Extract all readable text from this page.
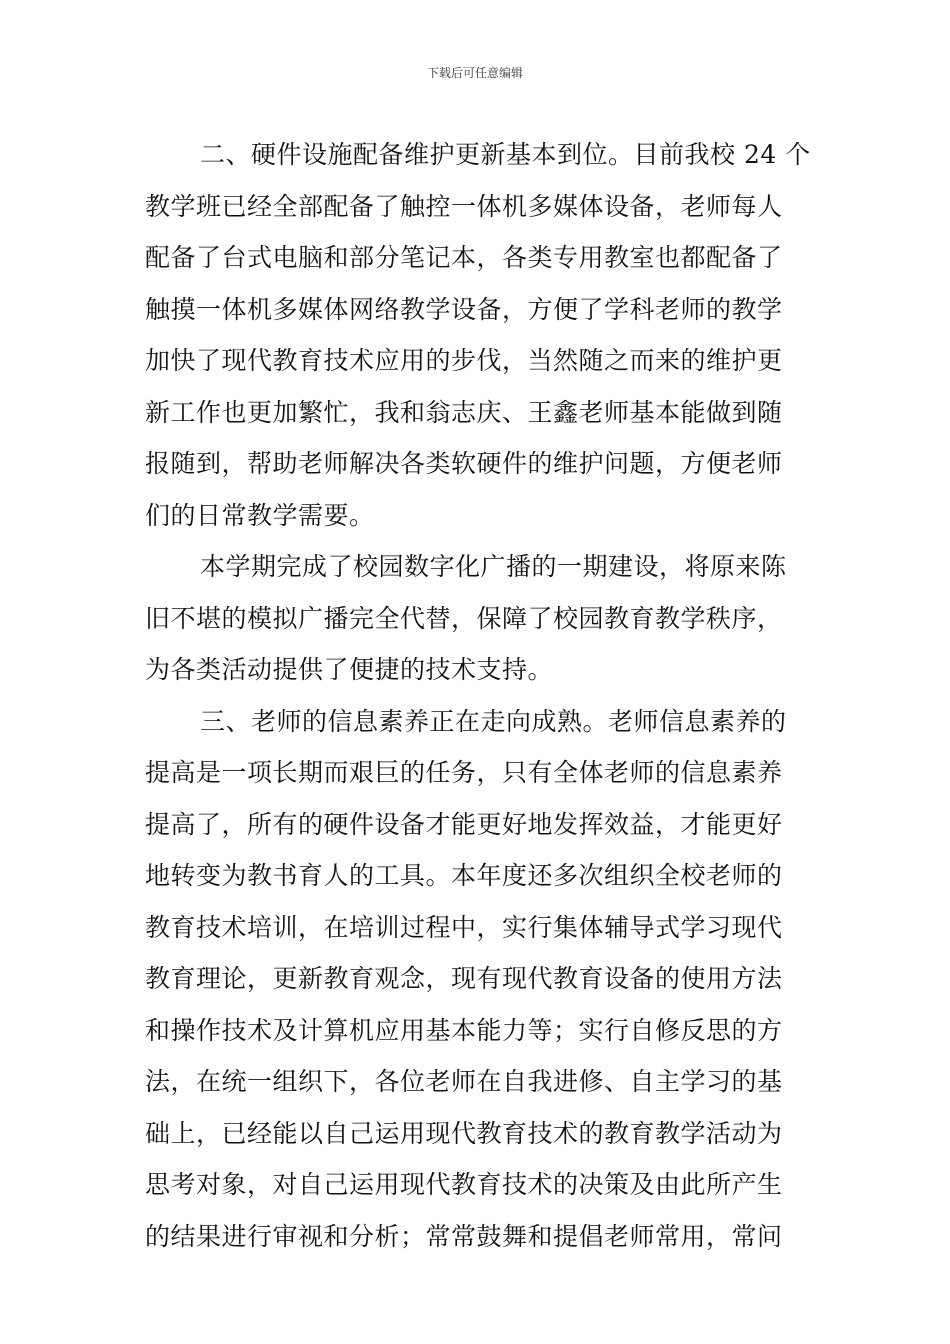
下载后可任意编辑

二、硬件设施配备维护更新基本到位。目前我校 24 个
教学班已经全部配备了触控一体机多媒体设备，老师每人
配备了台式电脑和部分笔记本，各类专用教室也都配备了
触摸一体机多媒体网络教学设备，方便了学科老师的教学
加快了现代教育技术应用的步伐，当然随之而来的维护更
新工作也更加繁忙，我和翁志庆、王鑫老师基本能做到随
报随到，帮助老师解决各类软硬件的维护问题，方便老师
们的日常教学需要。

本学期完成了校园数字化广播的一期建设，将原来陈
旧不堪的模拟广播完全代替，保障了校园教育教学秩序，
为各类活动提供了便捷的技术支持。

三、老师的信息素养正在走向成熟。老师信息素养的
提高是一项长期而艰巨的任务，只有全体老师的信息素养
提高了，所有的硬件设备才能更好地发挥效益，才能更好
地转变为教书育人的工具。本年度还多次组织全校老师的
教育技术培训，在培训过程中，实行集体辅导式学习现代
教育理论，更新教育观念，现有现代教育设备的使用方法
和操作技术及计算机应用基本能力等；实行自修反思的方
法，在统一组织下，各位老师在自我进修、自主学习的基
础上，已经能以自己运用现代教育技术的教育教学活动为
思考对象，对自己运用现代教育技术的决策及由此所产生
的结果进行审视和分析；常常鼓舞和提倡老师常用，常问
